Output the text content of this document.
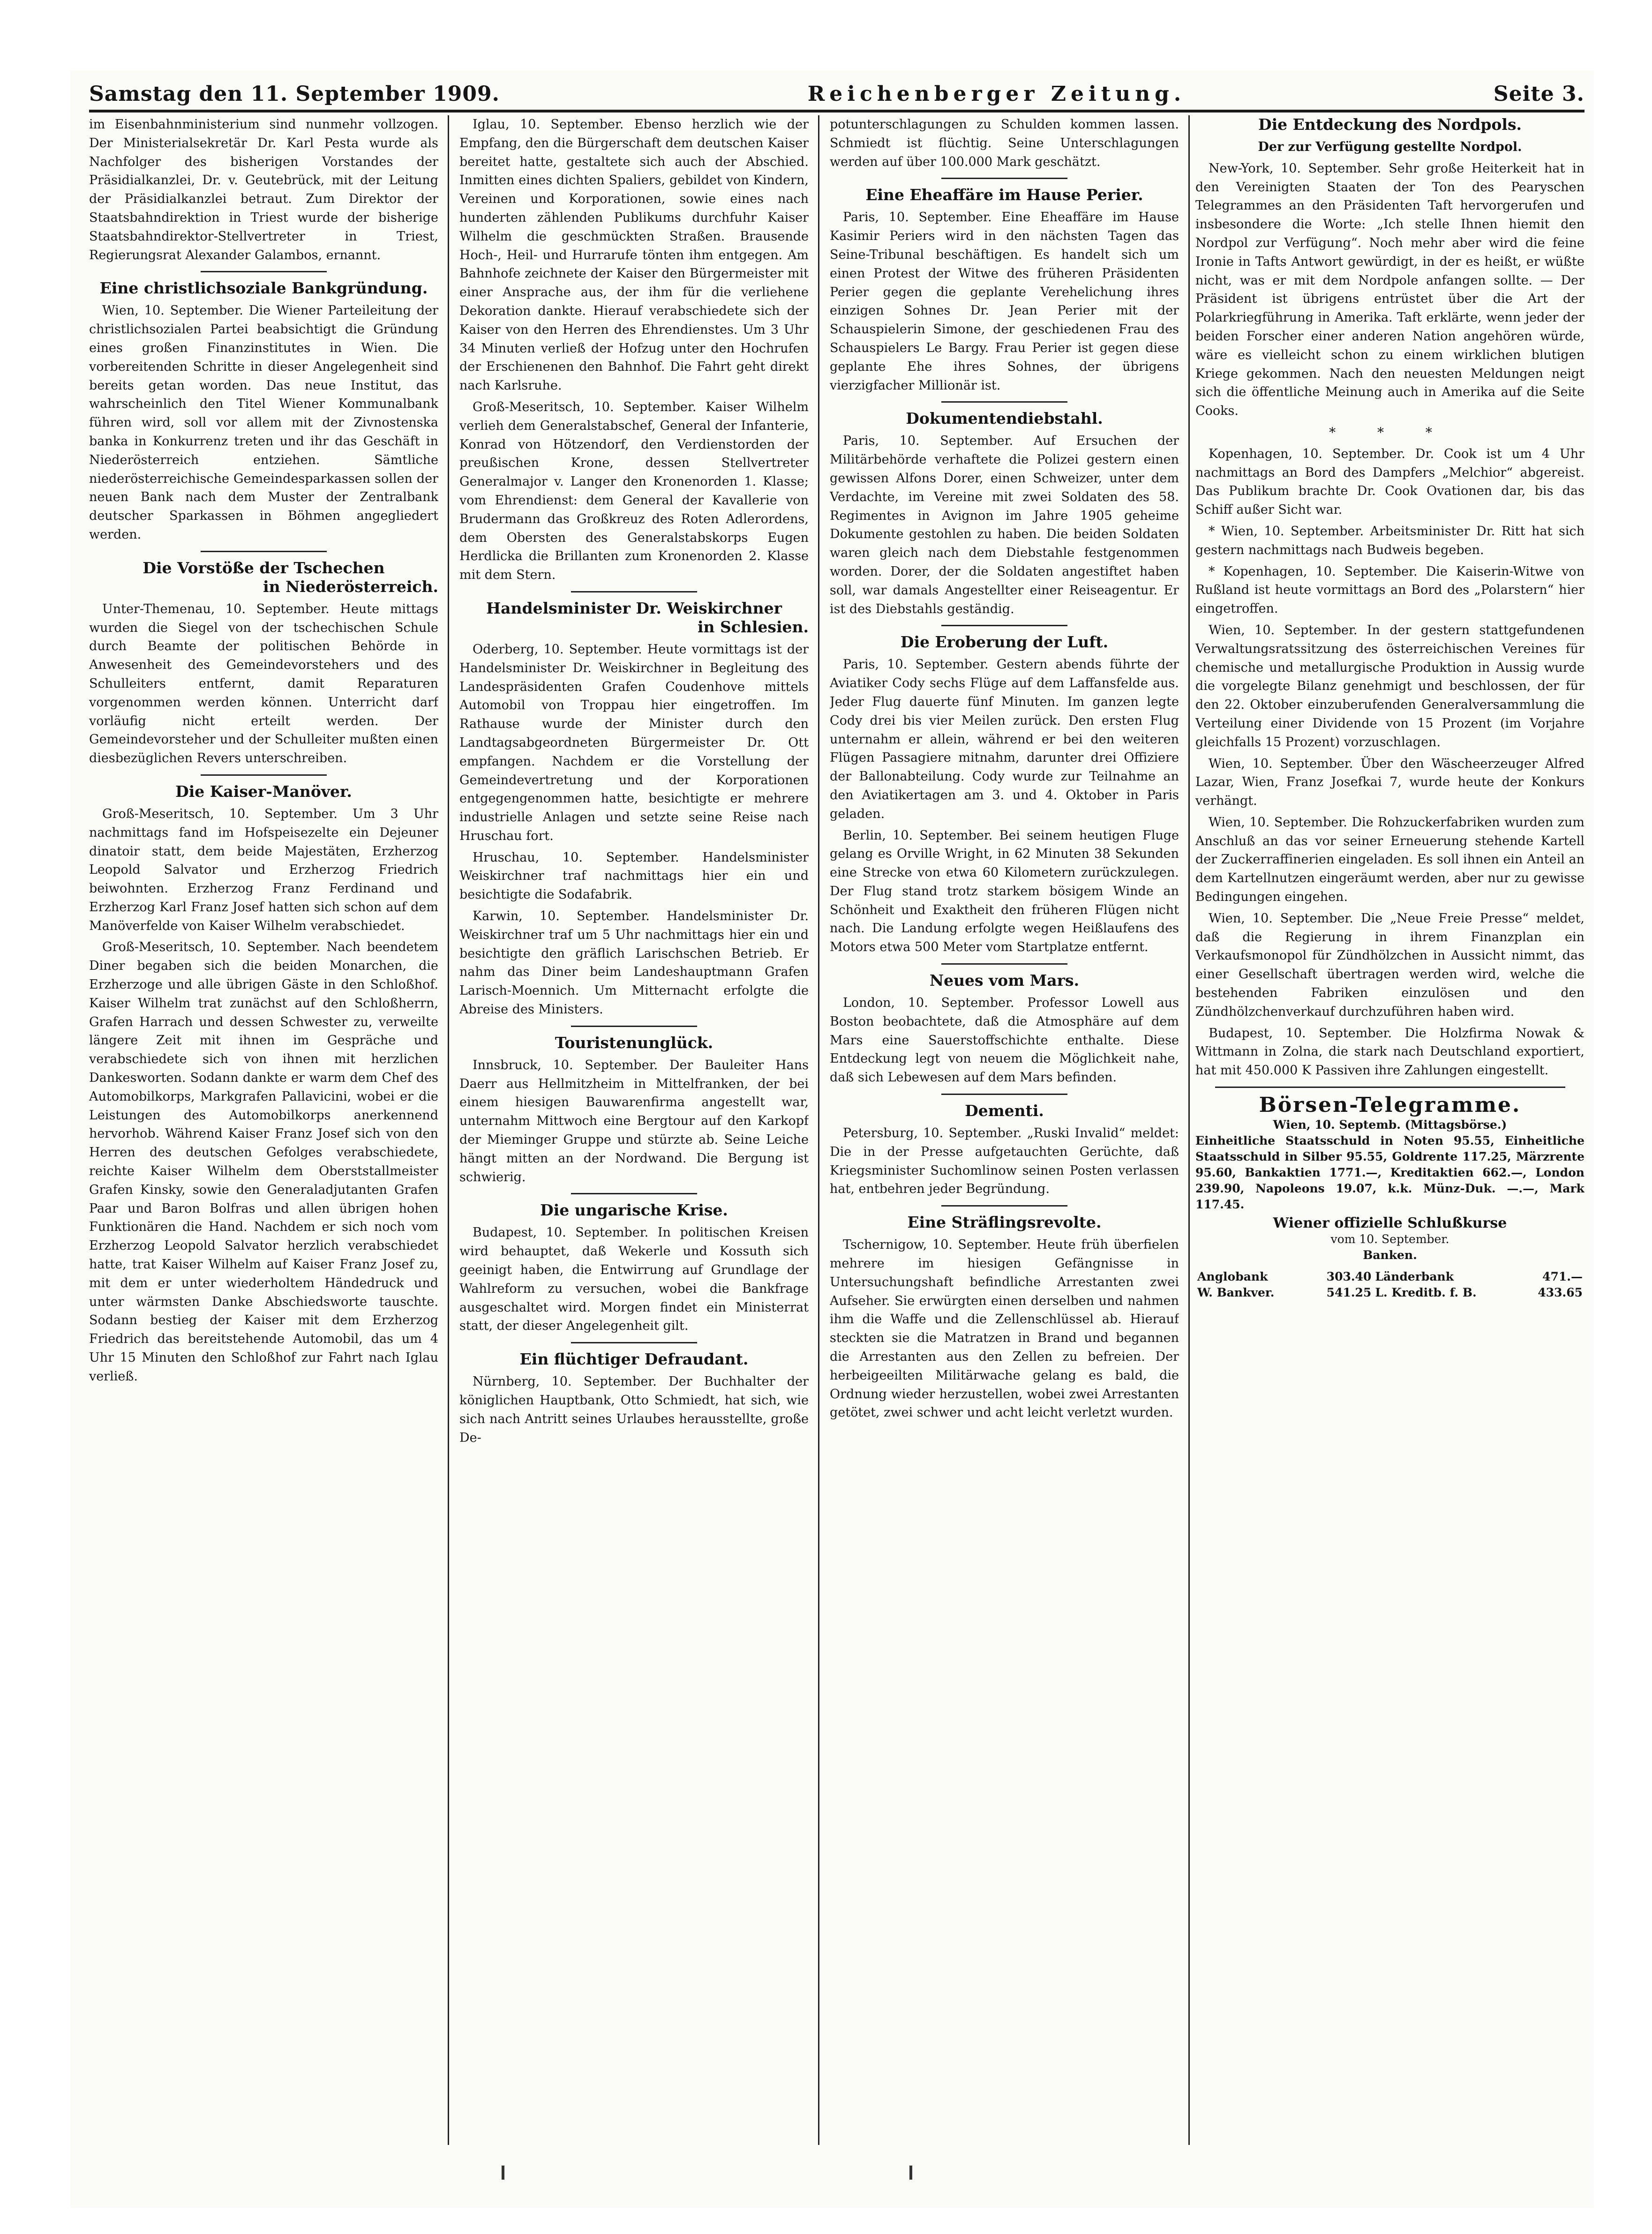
Samstag den 11. September 1909.	Reichenberger Zeitung.	Seite 3.

im Eisenbahnministerium sind nunmehr vollzogen. Der Ministerialsekretär Dr. Karl Pesta wurde als Nachfolger des bisherigen Vorstandes der Präsidialkanzlei, Dr. v. Geutebrück, mit der Leitung der Präsidialkanzlei betraut. Zum Direktor der Staatsbahndirektion in Triest wurde der bisherige Staatsbahndirektor-Stellvertreter in Triest, Regierungsrat Alexander Galambos, ernannt.

Eine christlichsoziale Bankgründung.

Wien, 10. September. Die Wiener Parteileitung der christlichsozialen Partei beabsichtigt die Gründung eines großen Finanzinstitutes in Wien. Die vorbereitenden Schritte in dieser Angelegenheit sind bereits getan worden. Das neue Institut, das wahrscheinlich den Titel Wiener Kommunalbank führen wird, soll vor allem mit der Zivnostenska banka in Konkurrenz treten und ihr das Geschäft in Niederösterreich entziehen. Sämtliche niederösterreichische Gemeindesparkassen sollen der neuen Bank nach dem Muster der Zentralbank deutscher Sparkassen in Böhmen angegliedert werden.

Die Vorstöße der Tschechen
in Niederösterreich.

Unter-Themenau, 10. September. Heute mittags wurden die Siegel von der tschechischen Schule durch Beamte der politischen Behörde in Anwesenheit des Gemeindevorstehers und des Schulleiters entfernt, damit Reparaturen vorgenommen werden können. Unterricht darf vorläufig nicht erteilt werden. Der Gemeindevorsteher und der Schulleiter mußten einen diesbezüglichen Revers unterschreiben.

Die Kaiser-Manöver.

Groß-Meseritsch, 10. September. Um 3 Uhr nachmittags fand im Hofspeisezelte ein Dejeuner dinatoir statt, dem beide Majestäten, Erzherzog Leopold Salvator und Erzherzog Friedrich beiwohnten. Erzherzog Franz Ferdinand und Erzherzog Karl Franz Josef hatten sich schon auf dem Manöverfelde von Kaiser Wilhelm verabschiedet.

Groß-Meseritsch, 10. September. Nach beendetem Diner begaben sich die beiden Monarchen, die Erzherzoge und alle übrigen Gäste in den Schloßhof. Kaiser Wilhelm trat zunächst auf den Schloßherrn, Grafen Harrach und dessen Schwester zu, verweilte längere Zeit mit ihnen im Gespräche und verabschiedete sich von ihnen mit herzlichen Dankesworten. Sodann dankte er warm dem Chef des Automobilkorps, Markgrafen Pallavicini, wobei er die Leistungen des Automobilkorps anerkennend hervorhob. Während Kaiser Franz Josef sich von den Herren des deutschen Gefolges verabschiedete, reichte Kaiser Wilhelm dem Oberststallmeister Grafen Kinsky, sowie den Generaladjutanten Grafen Paar und Baron Bolfras und allen übrigen hohen Funktionären die Hand. Nachdem er sich noch vom Erzherzog Leopold Salvator herzlich verabschiedet hatte, trat Kaiser Wilhelm auf Kaiser Franz Josef zu, mit dem er unter wiederholtem Händedruck und unter wärmsten Danke Abschiedsworte tauschte. Sodann bestieg der Kaiser mit dem Erzherzog Friedrich das bereitstehende Automobil, das um 4 Uhr 15 Minuten den Schloßhof zur Fahrt nach Iglau verließ.

Iglau, 10. September. Ebenso herzlich wie der Empfang, den die Bürgerschaft dem deutschen Kaiser bereitet hatte, gestaltete sich auch der Abschied. Inmitten eines dichten Spaliers, gebildet von Kindern, Vereinen und Korporationen, sowie eines nach hunderten zählenden Publikums durchfuhr Kaiser Wilhelm die geschmückten Straßen. Brausende Hoch-, Heil- und Hurrarufe tönten ihm entgegen. Am Bahnhofe zeichnete der Kaiser den Bürgermeister mit einer Ansprache aus, der ihm für die verliehene Dekoration dankte. Hierauf verabschiedete sich der Kaiser von den Herren des Ehrendienstes. Um 3 Uhr 34 Minuten verließ der Hofzug unter den Hochrufen der Erschienenen den Bahnhof. Die Fahrt geht direkt nach Karlsruhe.

Groß-Meseritsch, 10. September. Kaiser Wilhelm verlieh dem Generalstabschef, General der Infanterie, Konrad von Hötzendorf, den Verdienstorden der preußischen Krone, dessen Stellvertreter Generalmajor v. Langer den Kronenorden 1. Klasse; vom Ehrendienst: dem General der Kavallerie von Brudermann das Großkreuz des Roten Adlerordens, dem Obersten des Generalstabskorps Eugen Herdlicka die Brillanten zum Kronenorden 2. Klasse mit dem Stern.

Handelsminister Dr. Weiskirchner
in Schlesien.

Oderberg, 10. September. Heute vormittags ist der Handelsminister Dr. Weiskirchner in Begleitung des Landespräsidenten Grafen Coudenhove mittels Automobil von Troppau hier eingetroffen. Im Rathause wurde der Minister durch den Landtagsabgeordneten Bürgermeister Dr. Ott empfangen. Nachdem er die Vorstellung der Gemeindevertretung und der Korporationen entgegengenommen hatte, besichtigte er mehrere industrielle Anlagen und setzte seine Reise nach Hruschau fort.

Hruschau, 10. September. Handelsminister Weiskirchner traf nachmittags hier ein und besichtigte die Sodafabrik.

Karwin, 10. September. Handelsminister Dr. Weiskirchner traf um 5 Uhr nachmittags hier ein und besichtigte den gräflich Larischschen Betrieb. Er nahm das Diner beim Landeshauptmann Grafen Larisch-Moennich. Um Mitternacht erfolgte die Abreise des Ministers.

Touristenunglück.

Innsbruck, 10. September. Der Bauleiter Hans Daerr aus Hellmitzheim in Mittelfranken, der bei einem hiesigen Bauwarenfirma angestellt war, unternahm Mittwoch eine Bergtour auf den Karkopf der Mieminger Gruppe und stürzte ab. Seine Leiche hängt mitten an der Nordwand. Die Bergung ist schwierig.

Die ungarische Krise.

Budapest, 10. September. In politischen Kreisen wird behauptet, daß Wekerle und Kossuth sich geeinigt haben, die Entwirrung auf Grundlage der Wahlreform zu versuchen, wobei die Bankfrage ausgeschaltet wird. Morgen findet ein Ministerrat statt, der dieser Angelegenheit gilt.

Ein flüchtiger Defraudant.

Nürnberg, 10. September. Der Buchhalter der königlichen Hauptbank, Otto Schmiedt, hat sich, wie sich nach Antritt seines Urlaubes herausstellte, große De-

potunterschlagungen zu Schulden kommen lassen. Schmiedt ist flüchtig. Seine Unterschlagungen werden auf über 100.000 Mark geschätzt.

Eine Eheaffäre im Hause Perier.

Paris, 10. September. Eine Eheaffäre im Hause Kasimir Periers wird in den nächsten Tagen das Seine-Tribunal beschäftigen. Es handelt sich um einen Protest der Witwe des früheren Präsidenten Perier gegen die geplante Verehelichung ihres einzigen Sohnes Dr. Jean Perier mit der Schauspielerin Simone, der geschiedenen Frau des Schauspielers Le Bargy. Frau Perier ist gegen diese geplante Ehe ihres Sohnes, der übrigens vierzigfacher Millionär ist.

Dokumentendiebstahl.

Paris, 10. September. Auf Ersuchen der Militärbehörde verhaftete die Polizei gestern einen gewissen Alfons Dorer, einen Schweizer, unter dem Verdachte, im Vereine mit zwei Soldaten des 58. Regimentes in Avignon im Jahre 1905 geheime Dokumente gestohlen zu haben. Die beiden Soldaten waren gleich nach dem Diebstahle festgenommen worden. Dorer, der die Soldaten angestiftet haben soll, war damals Angestellter einer Reiseagentur. Er ist des Diebstahls geständig.

Die Eroberung der Luft.

Paris, 10. September. Gestern abends führte der Aviatiker Cody sechs Flüge auf dem Laffansfelde aus. Jeder Flug dauerte fünf Minuten. Im ganzen legte Cody drei bis vier Meilen zurück. Den ersten Flug unternahm er allein, während er bei den weiteren Flügen Passagiere mitnahm, darunter drei Offiziere der Ballonabteilung. Cody wurde zur Teilnahme an den Aviatikertagen am 3. und 4. Oktober in Paris geladen.

Berlin, 10. September. Bei seinem heutigen Fluge gelang es Orville Wright, in 62 Minuten 38 Sekunden eine Strecke von etwa 60 Kilometern zurückzulegen. Der Flug stand trotz starkem bösigem Winde an Schönheit und Exaktheit den früheren Flügen nicht nach. Die Landung erfolgte wegen Heißlaufens des Motors etwa 500 Meter vom Startplatze entfernt.

Neues vom Mars.

London, 10. September. Professor Lowell aus Boston beobachtete, daß die Atmosphäre auf dem Mars eine Sauerstoffschichte enthalte. Diese Entdeckung legt von neuem die Möglichkeit nahe, daß sich Lebewesen auf dem Mars befinden.

Dementi.

Petersburg, 10. September. „Ruski Invalid“ meldet: Die in der Presse aufgetauchten Gerüchte, daß Kriegsminister Suchomlinow seinen Posten verlassen hat, entbehren jeder Begründung.

Eine Sträflingsrevolte.

Tschernigow, 10. September. Heute früh überfielen mehrere im hiesigen Gefängnisse in Untersuchungshaft befindliche Arrestanten zwei Aufseher. Sie erwürgten einen derselben und nahmen ihm die Waffe und die Zellenschlüssel ab. Hierauf steckten sie die Matratzen in Brand und begannen die Arrestanten aus den Zellen zu befreien. Der herbeigeeilten Militärwache gelang es bald, die Ordnung wieder herzustellen, wobei zwei Arrestanten getötet, zwei schwer und acht leicht verletzt wurden.

Die Entdeckung des Nordpols.
Der zur Verfügung gestellte Nordpol.

New-York, 10. September. Sehr große Heiterkeit hat in den Vereinigten Staaten der Ton des Pearyschen Telegrammes an den Präsidenten Taft hervorgerufen und insbesondere die Worte: „Ich stelle Ihnen hiemit den Nordpol zur Verfügung“. Noch mehr aber wird die feine Ironie in Tafts Antwort gewürdigt, in der es heißt, er wüßte nicht, was er mit dem Nordpole anfangen sollte. — Der Präsident ist übrigens entrüstet über die Art der Polarkriegführung in Amerika. Taft erklärte, wenn jeder der beiden Forscher einer anderen Nation angehören würde, wäre es vielleicht schon zu einem wirklichen blutigen Kriege gekommen. Nach den neuesten Meldungen neigt sich die öffentliche Meinung auch in Amerika auf die Seite Cooks.

* * *

Kopenhagen, 10. September. Dr. Cook ist um 4 Uhr nachmittags an Bord des Dampfers „Melchior“ abgereist. Das Publikum brachte Dr. Cook Ovationen dar, bis das Schiff außer Sicht war.

* Wien, 10. September. Arbeitsminister Dr. Ritt hat sich gestern nachmittags nach Budweis begeben.

* Kopenhagen, 10. September. Die Kaiserin-Witwe von Rußland ist heute vormittags an Bord des „Polarstern“ hier eingetroffen.

Wien, 10. September. In der gestern stattgefundenen Verwaltungsratssitzung des österreichischen Vereines für chemische und metallurgische Produktion in Aussig wurde die vorgelegte Bilanz genehmigt und beschlossen, der für den 22. Oktober einzuberufenden Generalversammlung die Verteilung einer Dividende von 15 Prozent (im Vorjahre gleichfalls 15 Prozent) vorzuschlagen.

Wien, 10. September. Über den Wäscheerzeuger Alfred Lazar, Wien, Franz Josefkai 7, wurde heute der Konkurs verhängt.

Wien, 10. September. Die Rohzuckerfabriken wurden zum Anschluß an das vor seiner Erneuerung stehende Kartell der Zuckerraffinerien eingeladen. Es soll ihnen ein Anteil an dem Kartellnutzen eingeräumt werden, aber nur zu gewisse Bedingungen eingehen.

Wien, 10. September. Die „Neue Freie Presse“ meldet, daß die Regierung in ihrem Finanzplan ein Verkaufsmonopol für Zündhölzchen in Aussicht nimmt, das einer Gesellschaft übertragen werden wird, welche die bestehenden Fabriken einzulösen und den Zündhölzchenverkauf durchzuführen haben wird.

Budapest, 10. September. Die Holzfirma Nowak & Wittmann in Zolna, die stark nach Deutschland exportiert, hat mit 450.000 K Passiven ihre Zahlungen eingestellt.

Börsen-Telegramme.
Wien, 10. Septemb. (Mittagsbörse.)
Einheitliche Staatsschuld in Noten 95.55, Einheitliche Staatsschuld in Silber 95.55, Goldrente 117.25, Märzrente 95.60, Bankaktien 1771.—, Kreditaktien 662.—, London 239.90, Napoleons 19.07, k.k. Münz-Duk. —.—, Mark 117.45.
Wiener offizielle Schlußkurse
vom 10. September.
Banken.
Anglobank	303.40	Länderbank	471.—
W. Bankver.	541.25	L. Kreditb. f. B.	433.65
